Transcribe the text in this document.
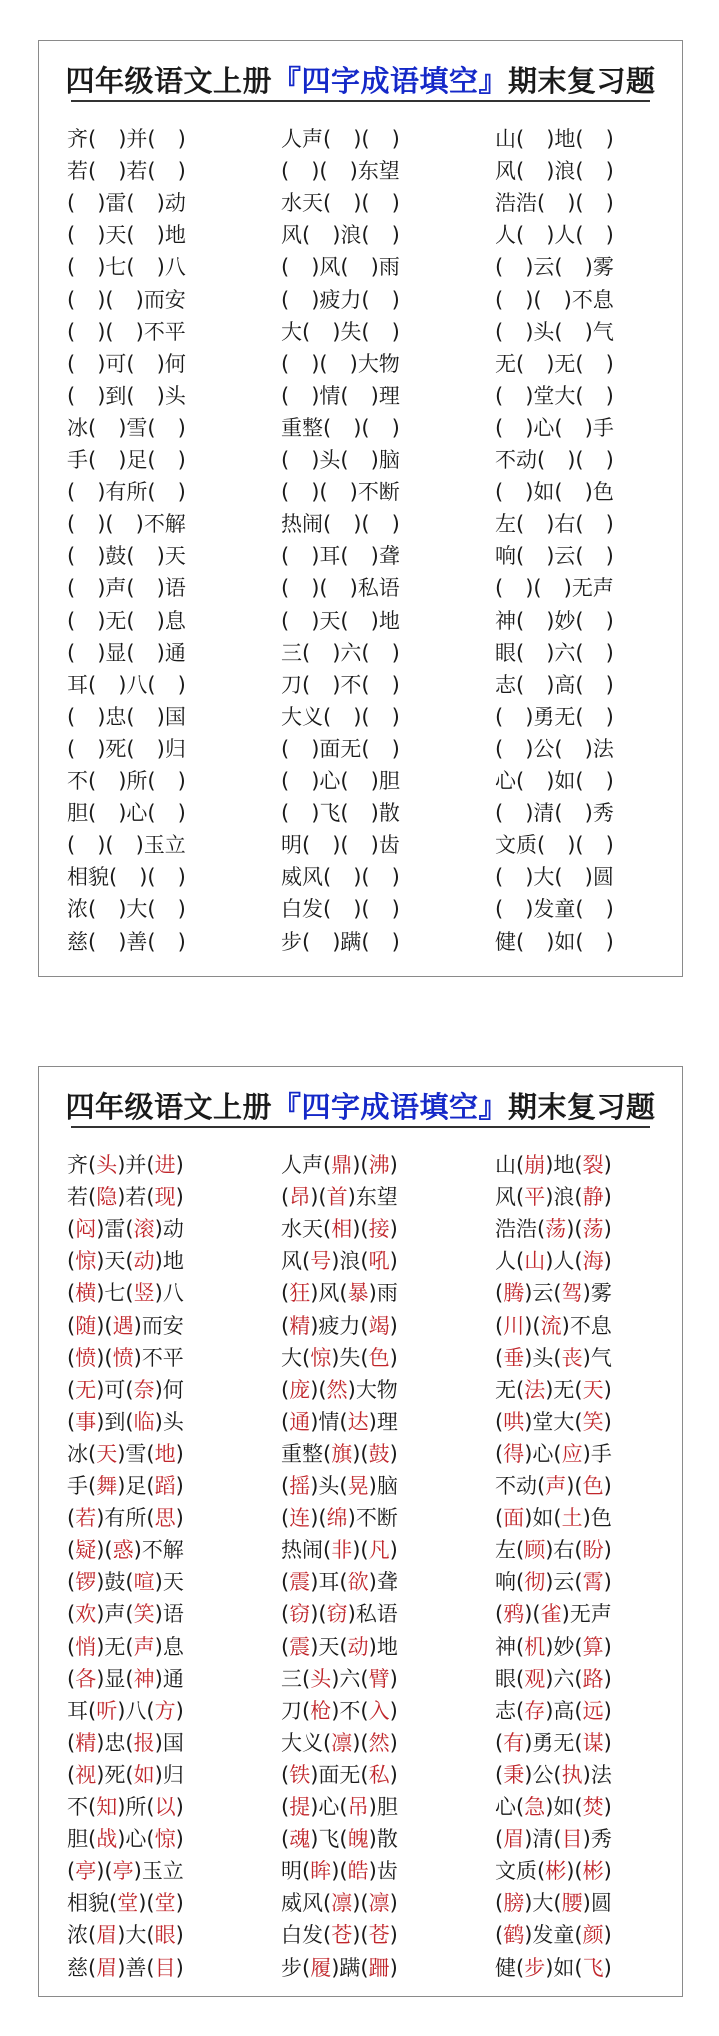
四年级语文上册『四字成语填空』期末复习题
齐( )并( )
若( )若( )
( )雷( )动
( )天( )地
( )七( )八
( )( )而安
( )( )不平
( )可( )何
( )到( )头
冰( )雪( )
手( )足( )
( )有所( )
( )( )不解
( )鼓( )天
( )声( )语
( )无( )息
( )显( )通
耳( )八( )
( )忠( )国
( )死( )归
不( )所( )
胆( )心( )
( )( )玉立
相貌( )( )
浓( )大( )
慈( )善( )
人声( )( )
( )( )东望
水天( )( )
风( )浪( )
( )风( )雨
( )疲力( )
大( )失( )
( )( )大物
( )情( )理
重整( )( )
( )头( )脑
( )( )不断
热闹( )( )
( )耳( )聋
( )( )私语
( )天( )地
三( )六( )
刀( )不( )
大义( )( )
( )面无( )
( )心( )胆
( )飞( )散
明( )( )齿
威风( )( )
白发( )( )
步( )蹒( )
山( )地( )
风( )浪( )
浩浩( )( )
人( )人( )
( )云( )雾
( )( )不息
( )头( )气
无( )无( )
( )堂大( )
( )心( )手
不动( )( )
( )如( )色
左( )右( )
响( )云( )
( )( )无声
神( )妙( )
眼( )六( )
志( )高( )
( )勇无( )
( )公( )法
心( )如( )
( )清( )秀
文质( )( )
( )大( )圆
( )发童( )
健( )如( )
四年级语文上册『四字成语填空』期末复习题
齐(头)并(进)
若(隐)若(现)
(闷)雷(滚)动
(惊)天(动)地
(横)七(竖)八
(随)(遇)而安
(愤)(愤)不平
(无)可(奈)何
(事)到(临)头
冰(天)雪(地)
手(舞)足(蹈)
(若)有所(思)
(疑)(惑)不解
(锣)鼓(喧)天
(欢)声(笑)语
(悄)无(声)息
(各)显(神)通
耳(听)八(方)
(精)忠(报)国
(视)死(如)归
不(知)所(以)
胆(战)心(惊)
(亭)(亭)玉立
相貌(堂)(堂)
浓(眉)大(眼)
慈(眉)善(目)
人声(鼎)(沸)
(昂)(首)东望
水天(相)(接)
风(号)浪(吼)
(狂)风(暴)雨
(精)疲力(竭)
大(惊)失(色)
(庞)(然)大物
(通)情(达)理
重整(旗)(鼓)
(摇)头(晃)脑
(连)(绵)不断
热闹(非)(凡)
(震)耳(欲)聋
(窃)(窃)私语
(震)天(动)地
三(头)六(臂)
刀(枪)不(入)
大义(凛)(然)
(铁)面无(私)
(提)心(吊)胆
(魂)飞(魄)散
明(眸)(皓)齿
威风(凛)(凛)
白发(苍)(苍)
步(履)蹒(跚)
山(崩)地(裂)
风(平)浪(静)
浩浩(荡)(荡)
人(山)人(海)
(腾)云(驾)雾
(川)(流)不息
(垂)头(丧)气
无(法)无(天)
(哄)堂大(笑)
(得)心(应)手
不动(声)(色)
(面)如(土)色
左(顾)右(盼)
响(彻)云(霄)
(鸦)(雀)无声
神(机)妙(算)
眼(观)六(路)
志(存)高(远)
(有)勇无(谋)
(秉)公(执)法
心(急)如(焚)
(眉)清(目)秀
文质(彬)(彬)
(膀)大(腰)圆
(鹤)发童(颜)
健(步)如(飞)
